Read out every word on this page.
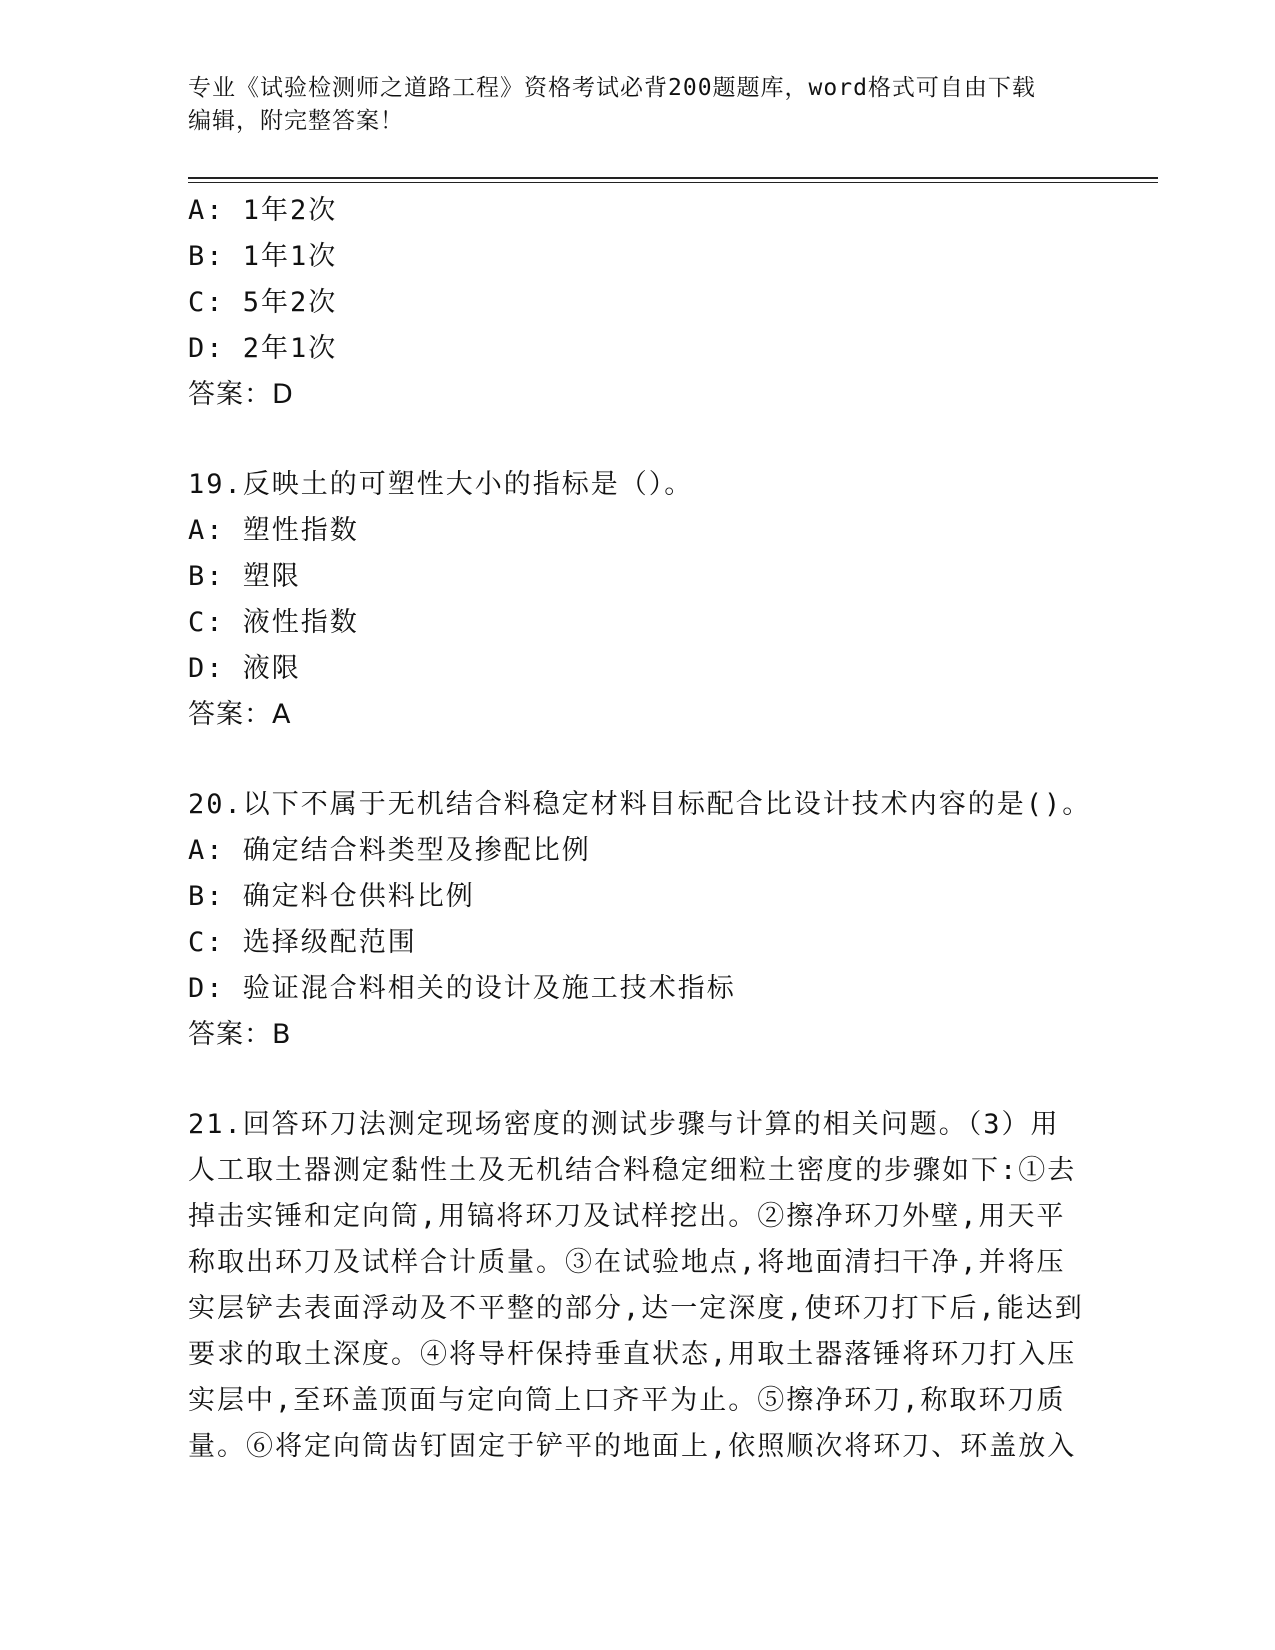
专业《试验检测师之道路工程》资格考试必背200题题库，word格式可自由下载
编辑，附完整答案！
A: 1年2次
B: 1年1次
C: 5年2次
D: 2年1次
答案：D
19.反映土的可塑性大小的指标是（）。
A: 塑性指数
B: 塑限
C: 液性指数
D: 液限
答案：A
20.以下不属于无机结合料稳定材料目标配合比设计技术内容的是()。
A: 确定结合料类型及掺配比例
B: 确定料仓供料比例
C: 选择级配范围
D: 验证混合料相关的设计及施工技术指标
答案：B
21.回答环刀法测定现场密度的测试步骤与计算的相关问题。（3）用
人工取土器测定黏性土及无机结合料稳定细粒土密度的步骤如下:①去
掉击实锤和定向筒,用镐将环刀及试样挖出。②擦净环刀外壁,用天平
称取出环刀及试样合计质量。③在试验地点,将地面清扫干净,并将压
实层铲去表面浮动及不平整的部分,达一定深度,使环刀打下后,能达到
要求的取土深度。④将导杆保持垂直状态,用取土器落锤将环刀打入压
实层中,至环盖顶面与定向筒上口齐平为止。⑤擦净环刀,称取环刀质
量。⑥将定向筒齿钉固定于铲平的地面上,依照顺次将环刀、环盖放入
